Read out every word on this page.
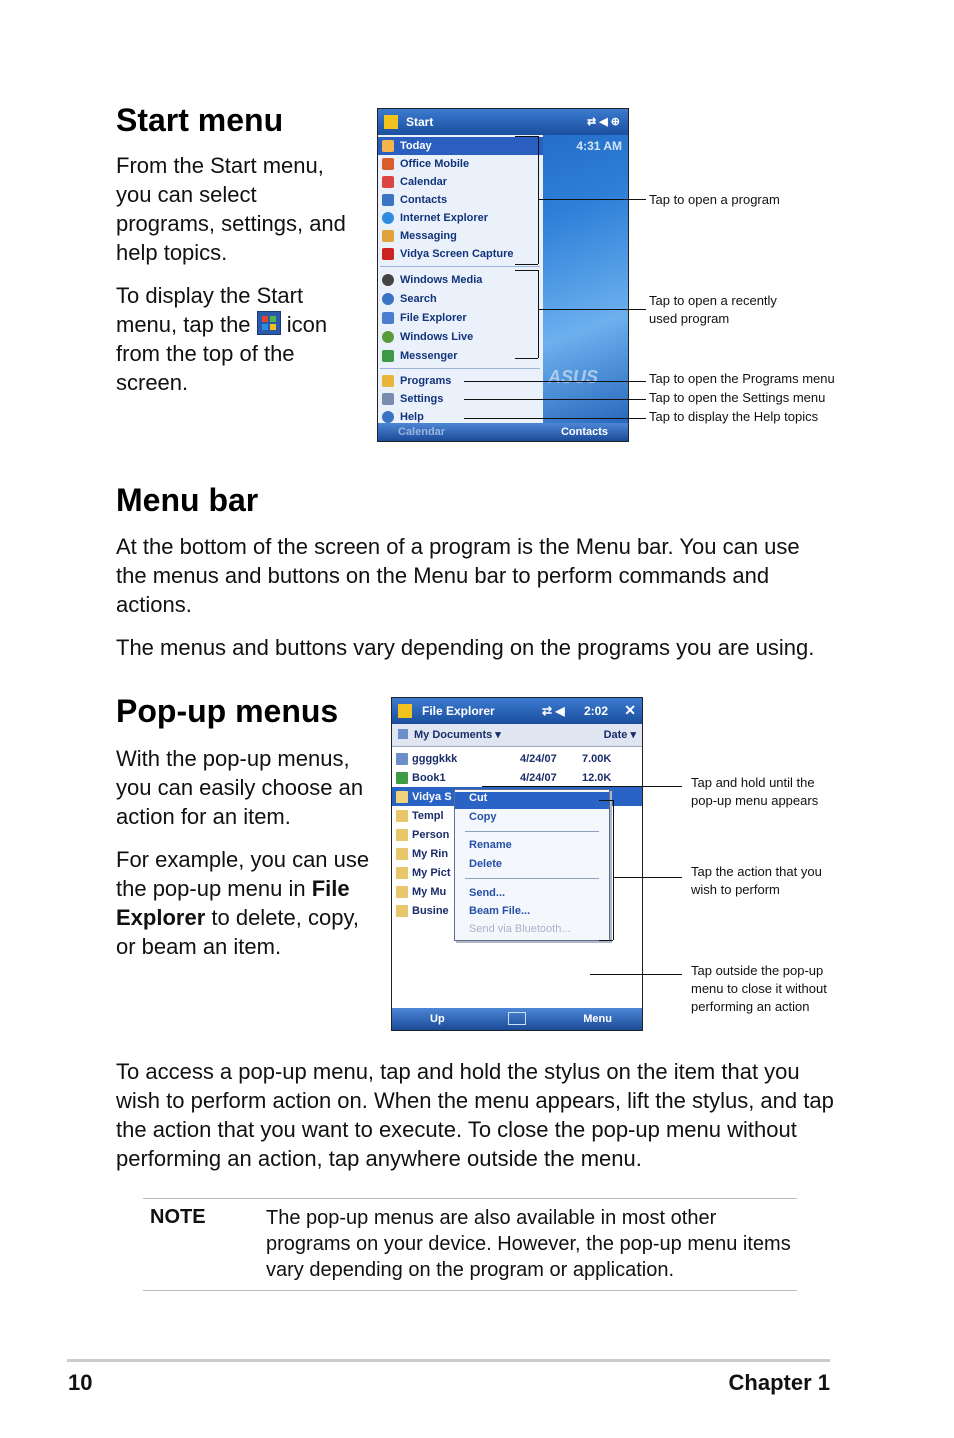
Start menu

From the Start menu, you can select programs, settings, and help topics.

To display the Start menu, tap the icon from the top of the screen.

Start	⇄ ◀ ⊕
Today
Office Mobile
Calendar
Contacts
Internet Explorer
Messaging
Vidya Screen Capture
Windows Media
Search
File Explorer
Windows Live
Messenger
Programs
Settings
Help
4:31 AM
ASUS
Calendar	Contacts
Tap to open a program
Tap to open a recently
used program
Tap to open the Programs menu
Tap to open the Settings menu
Tap to display the Help topics
Menu bar

At the bottom of the screen of a program is the Menu bar. You can use the menus and buttons on the Menu bar to perform commands and actions.

The menus and buttons vary depending on the programs you are using.

Pop-up menus

With the pop-up menus, you can easily choose an action for an item.

For example, you can use the pop-up menu in File Explorer to delete, copy, or beam an item.

File Explorer	⇄ ◀ 2:02 ✕
My Documents ▾	Date ▾
ggggkkk	4/24/07 7.00K
Book1	4/24/07 12.0K
Vidya S
Templ
Person
My Rin
My Pict
My Mu
Busine
Cut
Copy
Rename
Delete
Send...
Beam File...
Send via Bluetooth...
Up	Menu
Tap and hold until the
pop-up menu appears
Tap the action that you
wish to perform
Tap outside the pop-up
menu to close it without
performing an action
To access a pop-up menu, tap and hold the stylus on the item that you wish to perform action on. When the menu appears, lift the stylus, and tap the action that you want to execute. To close the pop-up menu without performing an action, tap anywhere outside the menu.
NOTE	The pop-up menus are also available in most other programs on your device. However, the pop-up menu items vary depending on the program or application.
10	Chapter 1
